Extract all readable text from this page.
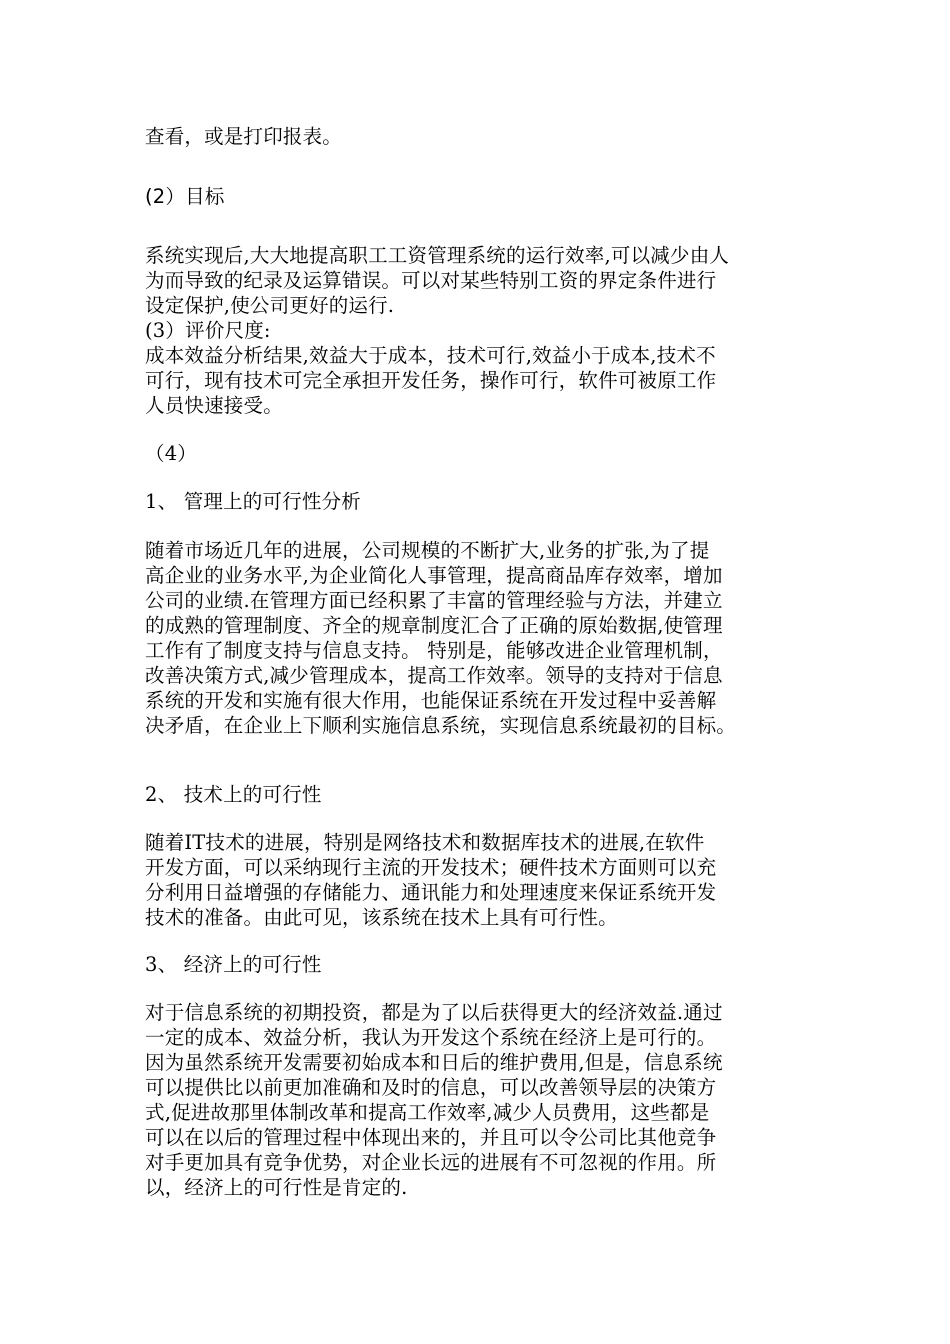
查看，或是打印报表。
(2）目标
系统实现后,大大地提高职工工资管理系统的运行效率,可以减少由人
为而导致的纪录及运算错误。可以对某些特别工资的界定条件进行
设定保护,使公司更好的运行.
(3）评价尺度:
成本效益分析结果,效益大于成本，技术可行,效益小于成本,技术不
可行，现有技术可完全承担开发任务，操作可行，软件可被原工作
人员快速接受。
（4）
1、 管理上的可行性分析
随着市场近几年的进展，公司规模的不断扩大,业务的扩张,为了提
高企业的业务水平,为企业简化人事管理，提高商品库存效率，增加
公司的业绩.在管理方面已经积累了丰富的管理经验与方法，并建立
的成熟的管理制度、齐全的规章制度汇合了正确的原始数据,使管理
工作有了制度支持与信息支持。 特别是，能够改进企业管理机制，
改善决策方式,减少管理成本，提高工作效率。领导的支持对于信息
系统的开发和实施有很大作用，也能保证系统在开发过程中妥善解
决矛盾，在企业上下顺利实施信息系统，实现信息系统最初的目标。
2、 技术上的可行性
随着IT技术的进展，特别是网络技术和数据库技术的进展,在软件
开发方面，可以采纳现行主流的开发技术；硬件技术方面则可以充
分利用日益增强的存储能力、通讯能力和处理速度来保证系统开发
技术的准备。由此可见，该系统在技术上具有可行性。
3、 经济上的可行性
对于信息系统的初期投资，都是为了以后获得更大的经济效益.通过
一定的成本、效益分析，我认为开发这个系统在经济上是可行的。
因为虽然系统开发需要初始成本和日后的维护费用,但是，信息系统
可以提供比以前更加准确和及时的信息，可以改善领导层的决策方
式,促进故那里体制改革和提高工作效率,减少人员费用，这些都是
可以在以后的管理过程中体现出来的，并且可以令公司比其他竞争
对手更加具有竞争优势，对企业长远的进展有不可忽视的作用。所
以，经济上的可行性是肯定的.
